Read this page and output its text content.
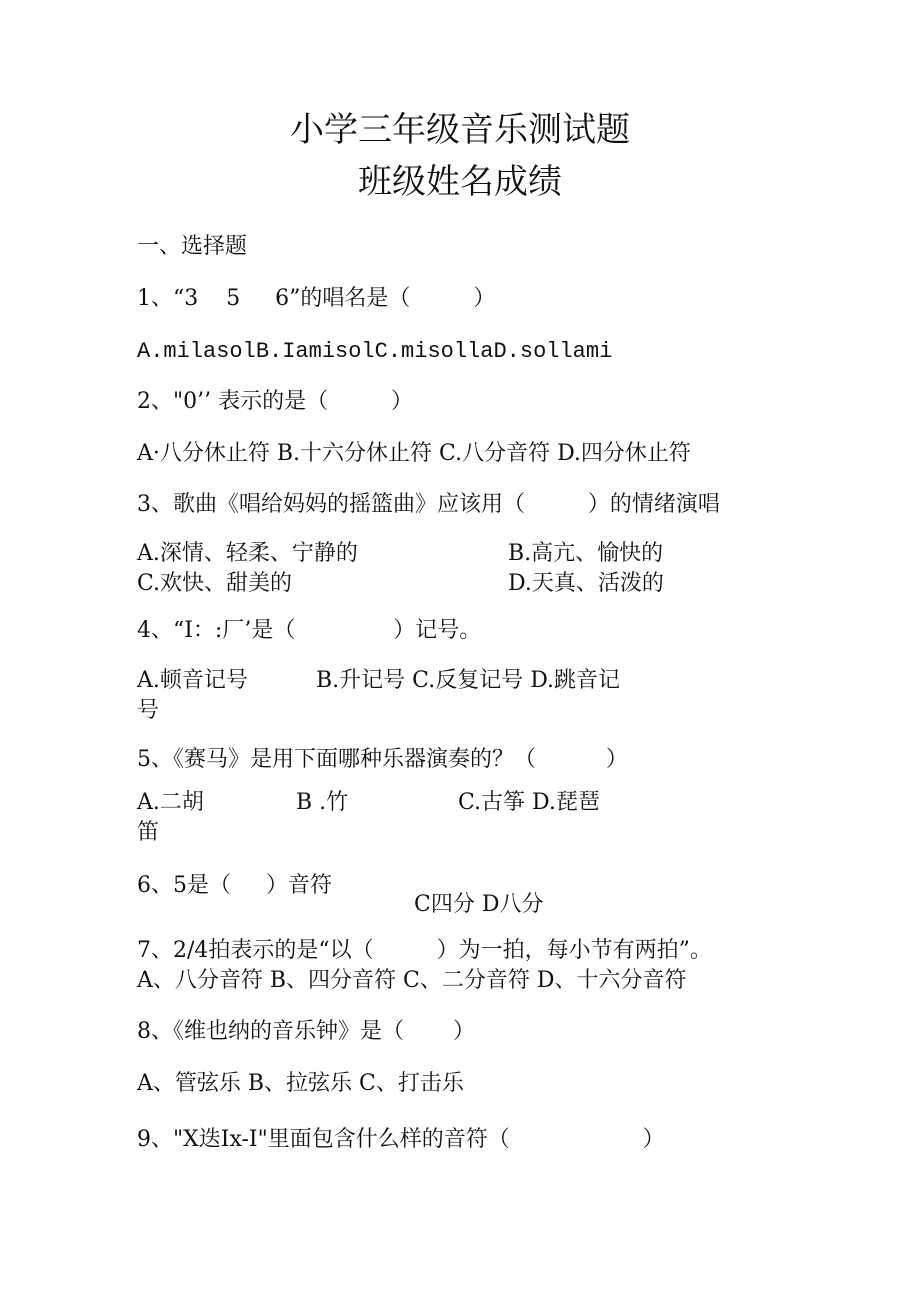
小学三年级音乐测试题
班级姓名成绩
一、选择题
1、“3    5     6”的唱名是（         ）
A.milasolB.IamisolC.misollaD.sollami
2、"0’’ 表示的是（         ）
A·八分休止符 B.十六分休止符 C.八分音符 D.四分休止符
3、歌曲《唱给妈妈的摇篮曲》应该用（         ）的情绪演唱
A.深情、轻柔、宁静的	B.高亢、愉快的
C.欢快、甜美的	D.天真、活泼的
4、“I：:厂’是（              ）记号。
A.顿音记号	B.升记号 C.反复记号 D.跳音记
号
5、《赛马》是用下面哪种乐器演奏的？（          ）
A.二胡	B .竹	C.古筝 D.琵琶
笛
6、5是（     ）音符
C四分 D八分
7、2/4拍表示的是“以（         ）为一拍，每小节有两拍”。
A、八分音符 B、四分音符 C、二分音符 D、十六分音符
8、《维也纳的音乐钟》是（       ）
A、管弦乐 B、拉弦乐 C、打击乐
9、"X迭Ix-I"里面包含什么样的音符（                   ）
